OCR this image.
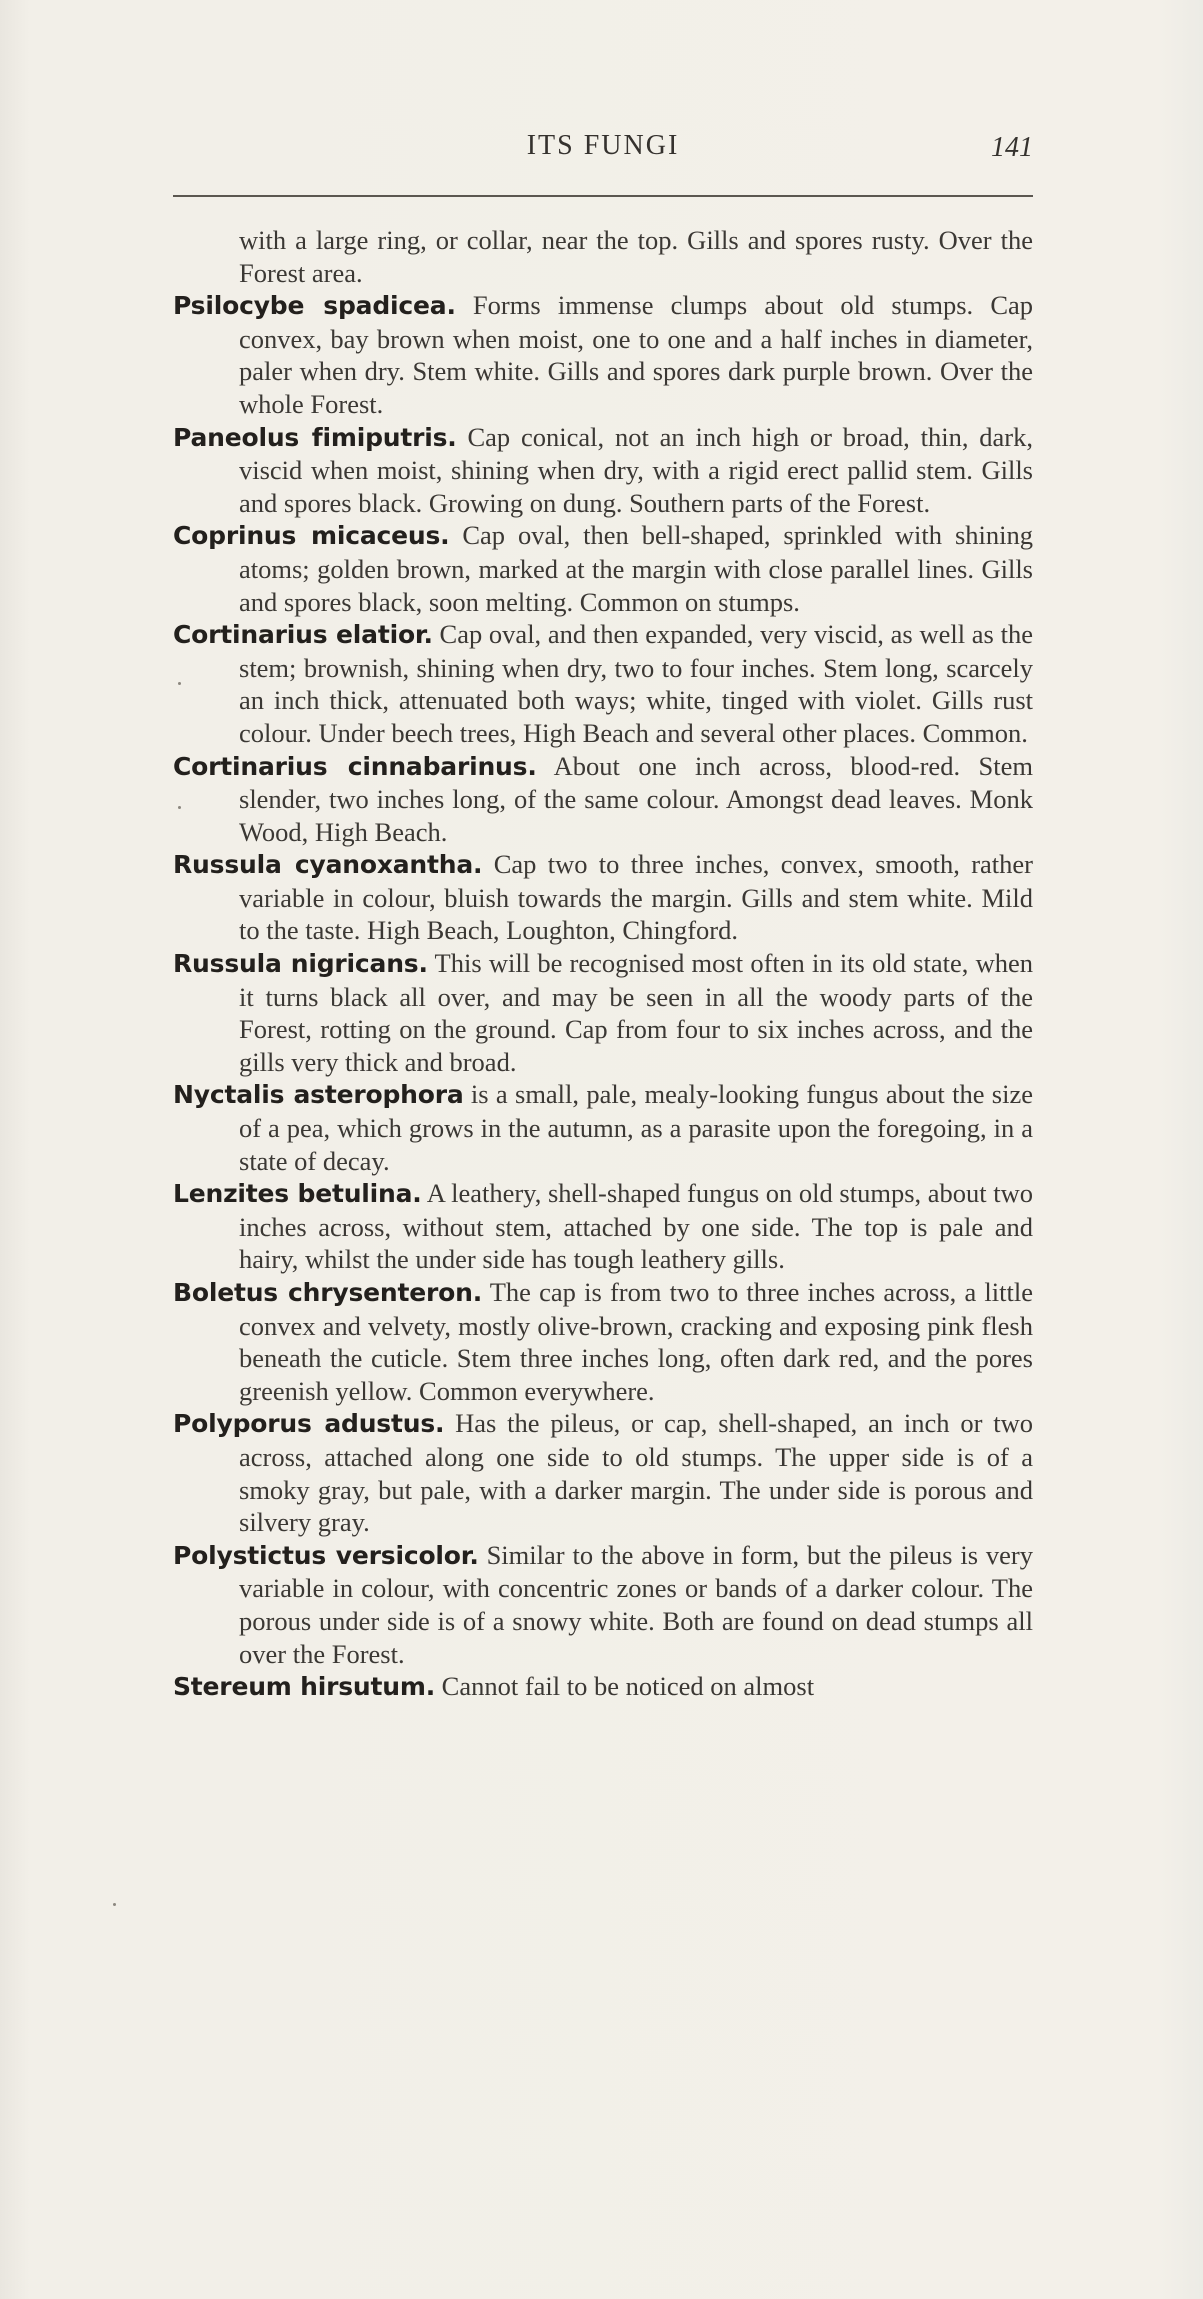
ITS FUNGI	141

with a large ring, or collar, near the top. Gills and spores rusty. Over the Forest area.

Psilocybe spadicea. Forms immense clumps about old stumps. Cap convex, bay brown when moist, one to one and a half inches in diameter, paler when dry. Stem white. Gills and spores dark purple brown. Over the whole Forest.

Paneolus fimiputris. Cap conical, not an inch high or broad, thin, dark, viscid when moist, shining when dry, with a rigid erect pallid stem. Gills and spores black. Growing on dung. Southern parts of the Forest.

Coprinus micaceus. Cap oval, then bell-shaped, sprinkled with shining atoms; golden brown, marked at the margin with close parallel lines. Gills and spores black, soon melting. Common on stumps.

Cortinarius elatior. Cap oval, and then expanded, very viscid, as well as the stem; brownish, shining when dry, two to four inches. Stem long, scarcely an inch thick, attenuated both ways; white, tinged with violet. Gills rust colour. Under beech trees, High Beach and several other places. Common.

Cortinarius cinnabarinus. About one inch across, blood-red. Stem slender, two inches long, of the same colour. Amongst dead leaves. Monk Wood, High Beach.

Russula cyanoxantha. Cap two to three inches, convex, smooth, rather variable in colour, bluish towards the margin. Gills and stem white. Mild to the taste. High Beach, Loughton, Chingford.

Russula nigricans. This will be recognised most often in its old state, when it turns black all over, and may be seen in all the woody parts of the Forest, rotting on the ground. Cap from four to six inches across, and the gills very thick and broad.

Nyctalis asterophora is a small, pale, mealy-looking fungus about the size of a pea, which grows in the autumn, as a parasite upon the foregoing, in a state of decay.

Lenzites betulina. A leathery, shell-shaped fungus on old stumps, about two inches across, without stem, attached by one side. The top is pale and hairy, whilst the under side has tough leathery gills.

Boletus chrysenteron. The cap is from two to three inches across, a little convex and velvety, mostly olive-brown, cracking and exposing pink flesh beneath the cuticle. Stem three inches long, often dark red, and the pores greenish yellow. Common everywhere.

Polyporus adustus. Has the pileus, or cap, shell-shaped, an inch or two across, attached along one side to old stumps. The upper side is of a smoky gray, but pale, with a darker margin. The under side is porous and silvery gray.

Polystictus versicolor. Similar to the above in form, but the pileus is very variable in colour, with concentric zones or bands of a darker colour. The porous under side is of a snowy white. Both are found on dead stumps all over the Forest.

Stereum hirsutum. Cannot fail to be noticed on almost
